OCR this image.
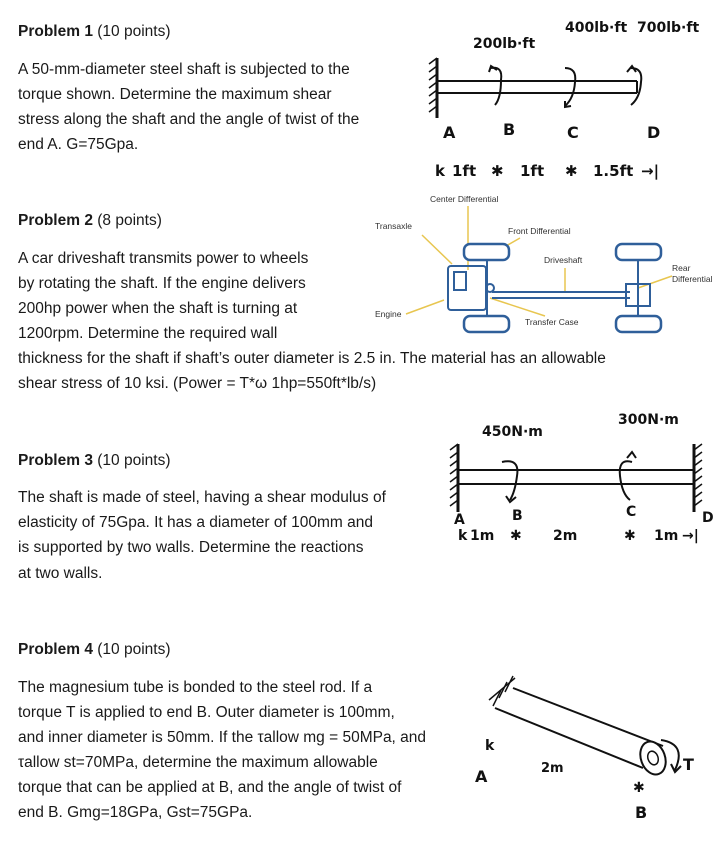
Problem 1 (10 points)

A 50-mm-diameter steel shaft is subjected to the

torque shown. Determine the maximum shear

stress along the shaft and the angle of twist of the

end A. G=75Gpa.

200lb·ft
400lb·ft 700lb·ft
A	B	C	D
k 1ft ✱ 1ft ✱ 1.5ft →|
Problem 2 (8 points)

A car driveshaft transmits power to wheels

by rotating the shaft. If the engine delivers

200hp power when the shaft is turning at

1200rpm. Determine the required wall

thickness for the shaft if shaft’s outer diameter is 2.5 in. The material has an allowable

shear stress of 10 ksi. (Power = T*ω 1hp=550ft*lb/s)

Center Differential
Transaxle	Front Differential
Driveshaft
Rear
Differential
Engine
Transfer Case
Problem 3 (10 points)

The shaft is made of steel, having a shear modulus of

elasticity of 75Gpa. It has a diameter of 100mm and

is supported by two walls. Determine the reactions

at two walls.

450N·m
300N·m
A	B	C	D
k 1m ✱ 2m	✱ 1m →|
Problem 4 (10 points)

The magnesium tube is bonded to the steel rod. If a

torque T is applied to end B. Outer diameter is 100mm,

and inner diameter is 50mm. If the τallow mg = 50MPa, and

τallow st=70MPa, determine the maximum allowable

torque that can be applied at B, and the angle of twist of

end B. Gmg=18GPa, Gst=75GPa.

T
k
A	2m
✱
B
